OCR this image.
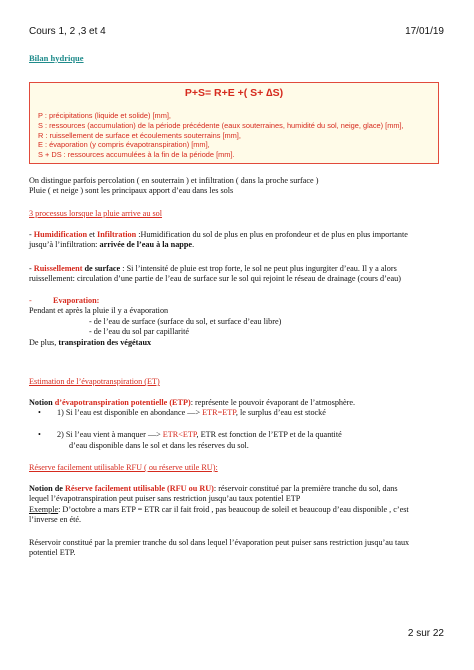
Cours 1, 2 ,3 et 4	17/01/19
Bilan hydrique
P+S= R+E +( S+ ∆S)
P : précipitations (liquide et solide) [mm],
S : ressources (accumulation) de la période précédente (eaux souterraines, humidité du sol, neige, glace) [mm],
R : ruissellement de surface et écoulements souterrains [mm],
E : évaporation (y compris évapotranspiration) [mm],
S + DS : ressources accumulées à la fin de la période [mm].
On distingue parfois percolation ( en souterrain ) et infiltration ( dans la proche surface )
Pluie ( et neige ) sont les principaux apport d’eau dans les sols
3 processus lorsque la pluie arrive au sol
- Humidification et Infiltration :Humidification du sol de plus en plus en profondeur et de plus en plus importante
jusqu’à l’infiltration: arrivée de l’eau à la nappe.
- Ruissellement de surface : Si l’intensité de pluie est trop forte, le sol ne peut plus ingurgiter d’eau. Il y a alors
ruissellement: circulation d’une partie de l’eau de surface sur le sol qui rejoint le réseau de drainage (cours d’eau)
-	Evaporation:
Pendant et après la pluie il y a évaporation
- de l’eau de surface (surface du sol, et surface d’eau libre)
- de l’eau du sol par capillarité
De plus, transpiration des végétaux
Estimation de l’évapotranspiration (ET)
Notion d’évapotranspiration potentielle (ETP): représente le pouvoir évaporant de l’atmosphère.
• 1) Si l’eau est disponible en abondance —> ETR=ETP, le surplus d’eau est stocké
• 2) Si l’eau vient à manquer —> ETR<ETP, ETR est fonction de l’ETP et de la quantité
d’eau disponible dans le sol et dans les réserves du sol.
Réserve facilement utilisable RFU ( ou réserve utile RU):
Notion de Réserve facilement utilisable (RFU ou RU): réservoir constitué par la première tranche du sol, dans
lequel l’évapotranspiration peut puiser sans restriction jusqu’au taux potentiel ETP
Exemple: D’octobre a mars ETP = ETR car il fait froid , pas beaucoup de soleil et beaucoup d’eau disponible , c’est
l’inverse en été.
Réservoir constitué par la premier tranche du sol dans lequel l’évaporation peut puiser sans restriction jusqu’au taux
potentiel ETP.
2 sur 22
